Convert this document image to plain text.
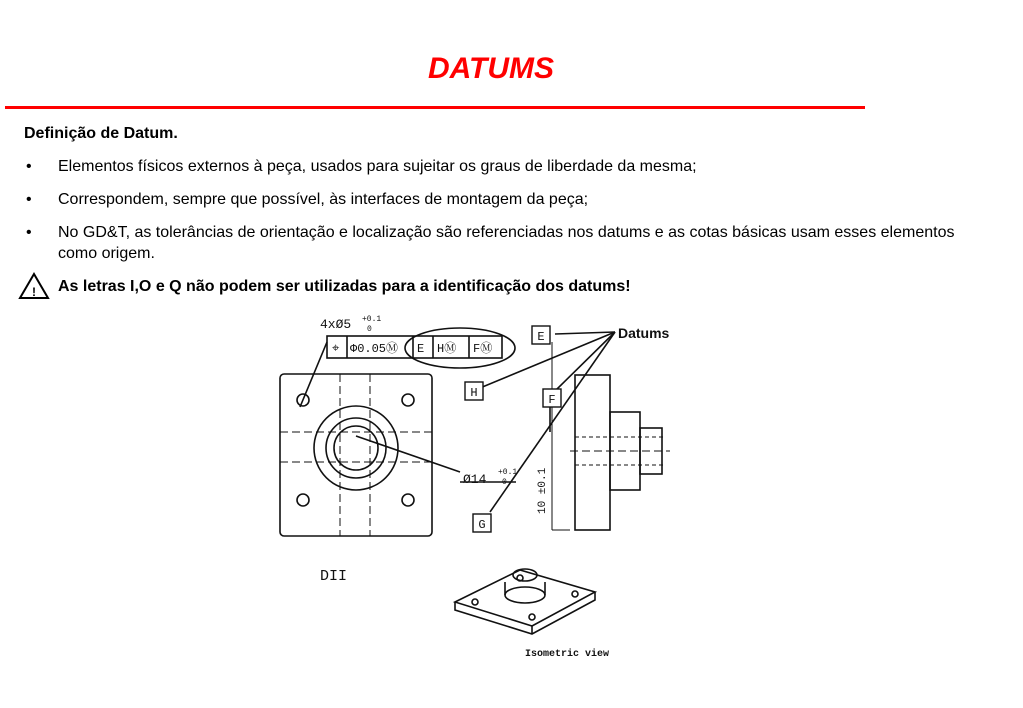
DATUMS
Definição de Datum.
• Elementos físicos externos à peça, usados para sujeitar os graus de liberdade da mesma;
• Correspondem, sempre que possível, às interfaces de montagem da peça;
• No GD&T, as tolerâncias de orientação e localização são referenciadas nos datums e as cotas básicas usam esses elementos como origem.
! As letras I,O e Q não podem ser utilizadas para a identificação dos datums!
4xØ5 +0.1
0
⌖ Φ0.05Ⓜ E HⓂ FⓂ
E
H	F
G
Datums
Ø14 +0.1
0	10 ±0.1
DII
Isometric view
